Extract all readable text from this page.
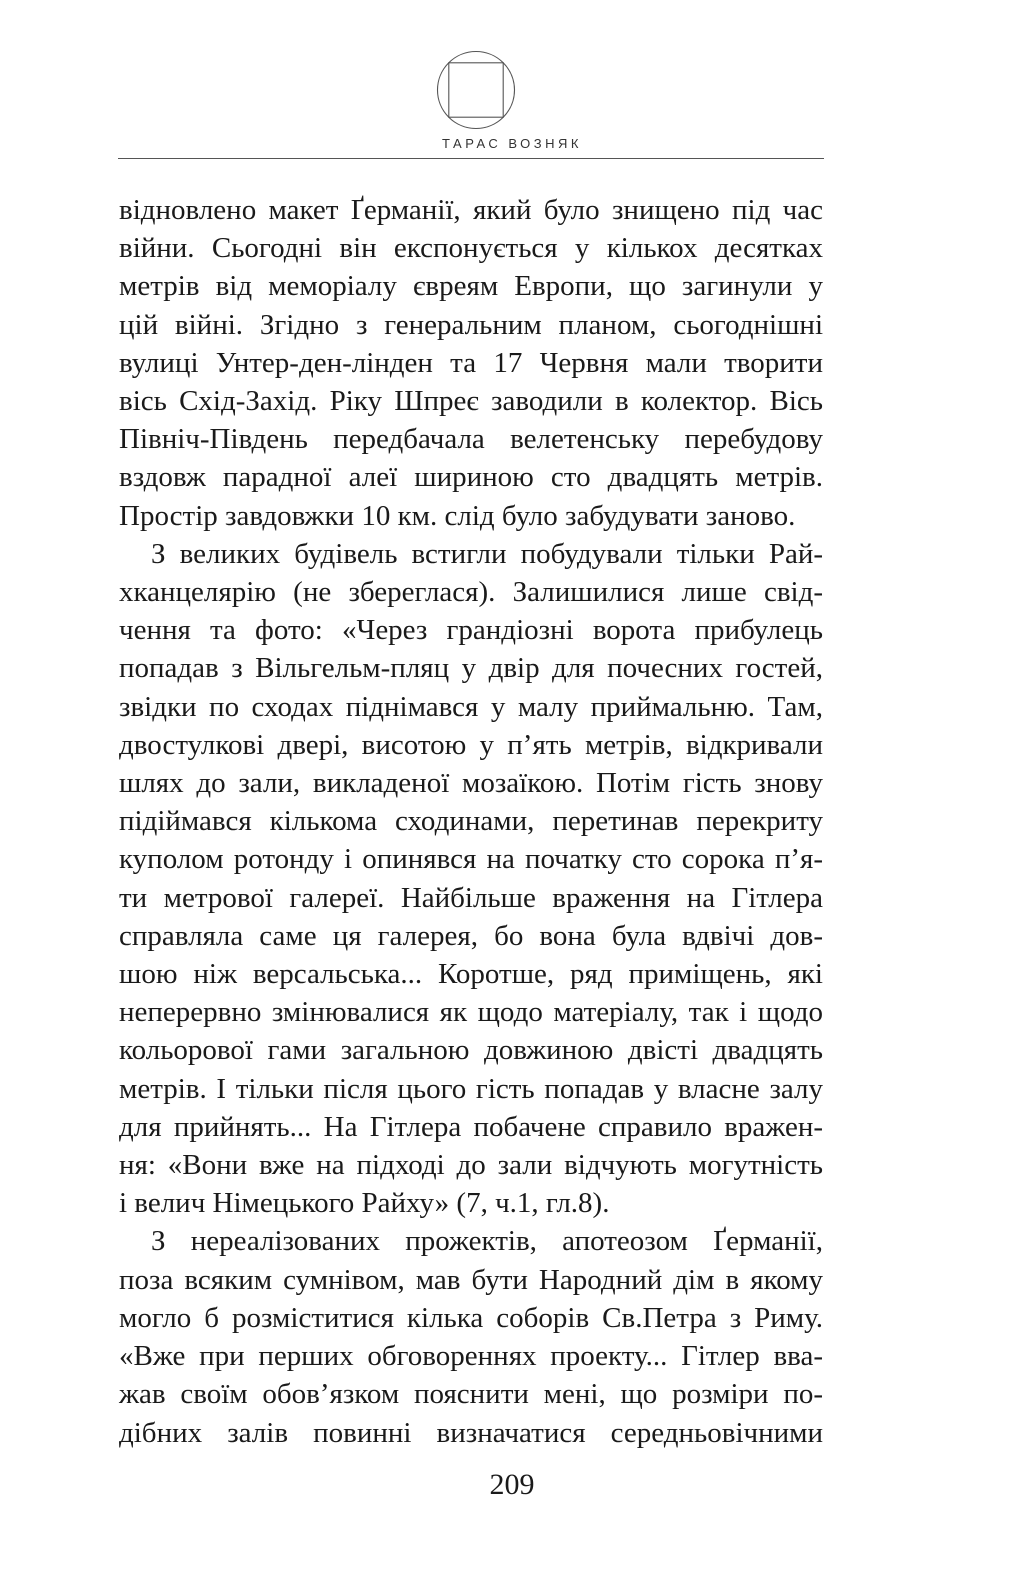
ТАРАС ВОЗНЯК
відновлено макет Ґерманії, який було знищено під час
війни. Сьогодні він експонується у кількох десятках
метрів від меморіалу євреям Европи, що загинули у
цій війні. Згідно з генеральним планом, сьогоднішні
вулиці Унтер-ден-лінден та 17 Червня мали творити
вісь Схід-Захід. Ріку Шпреє заводили в колектор. Вісь
Північ-Південь передбачала велетенську перебудову
вздовж парадної алеї шириною сто двадцять метрів.
Простір завдовжки 10 км. слід було забудувати заново.
З великих будівель встигли побудували тільки Рай-
хканцелярію (не збереглася). Залишилися лише свід-
чення та фото: «Через грандіозні ворота прибулець
попадав з Вільгельм-пляц у двір для почесних гостей,
звідки по сходах піднімався у малу приймальню. Там,
двостулкові двері, висотою у п’ять метрів, відкривали
шлях до зали, викладеної мозаїкою. Потім гість знову
підіймався кількома сходинами, перетинав перекриту
куполом ротонду і опинявся на початку сто сорока п’я-
ти метрової галереї. Найбільше враження на Гітлера
справляла саме ця галерея, бо вона була вдвічі дов-
шою ніж версальська... Коротше, ряд приміщень, які
неперервно змінювалися як щодо матеріалу, так і щодо
кольорової гами загальною довжиною двісті двадцять
метрів. І тільки після цього гість попадав у власне залу
для прийнять... На Гітлера побачене справило вражен-
ня: «Вони вже на підході до зали відчують могутність
і велич Німецького Райху» (7, ч.1, гл.8).
З нереалізованих прожектів, апотеозом Ґерманії,
поза всяким сумнівом, мав бути Народний дім в якому
могло б розміститися кілька соборів Св.Петра з Риму.
«Вже при перших обговореннях проекту... Гітлер вва-
жав своїм обов’язком пояснити мені, що розміри по-
дібних залів повинні визначатися середньовічними
209
